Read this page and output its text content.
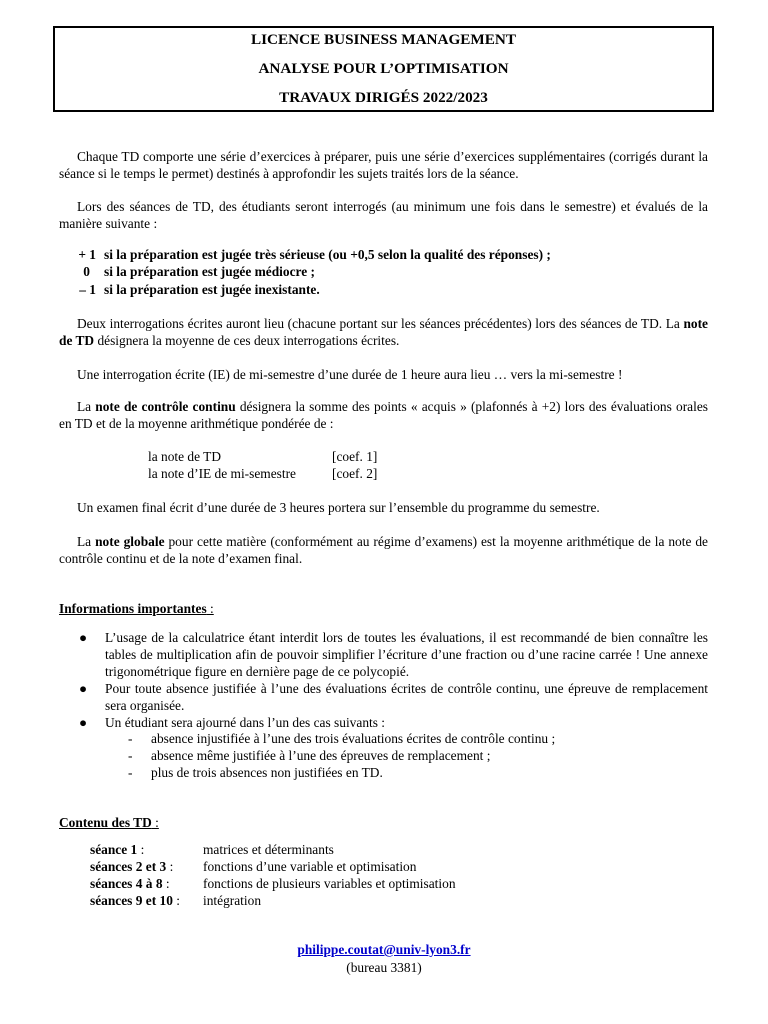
LICENCE BUSINESS MANAGEMENT
ANALYSE POUR L’OPTIMISATION
TRAVAUX DIRIGÉS 2022/2023

Chaque TD comporte une série d’exercices à préparer, puis une série d’exercices supplémentaires (corrigés durant la séance si le temps le permet) destinés à approfondir les sujets traités lors de la séance.

Lors des séances de TD, des étudiants seront interrogés (au minimum une fois dans le semestre) et évalués de la manière suivante :

+ 1 si la préparation est jugée très sérieuse (ou +0,5 selon la qualité des réponses) ;
0 si la préparation est jugée médiocre ;
– 1 si la préparation est jugée inexistante.

Deux interrogations écrites auront lieu (chacune portant sur les séances précédentes) lors des séances de TD. La note de TD désignera la moyenne de ces deux interrogations écrites.

Une interrogation écrite (IE) de mi-semestre d’une durée de 1 heure aura lieu … vers la mi-semestre !

La note de contrôle continu désignera la somme des points « acquis » (plafonnés à +2) lors des évaluations orales en TD et de la moyenne arithmétique pondérée de :

la note de TD	[coef. 1]
la note d’IE de mi-semestre	[coef. 2]

Un examen final écrit d’une durée de 3 heures portera sur l’ensemble du programme du semestre.

La note globale pour cette matière (conformément au régime d’examens) est la moyenne arithmétique de la note de contrôle continu et de la note d’examen final.

Informations importantes :
● L’usage de la calculatrice étant interdit lors de toutes les évaluations, il est recommandé de bien connaître les tables de multiplication afin de pouvoir simplifier l’écriture d’une fraction ou d’une racine carrée ! Une annexe trigonométrique figure en dernière page de ce polycopié.
● Pour toute absence justifiée à l’une des évaluations écrites de contrôle continu, une épreuve de remplacement sera organisée.
● Un étudiant sera ajourné dans l’un des cas suivants :
- absence injustifiée à l’une des trois évaluations écrites de contrôle continu ;
- absence même justifiée à l’une des épreuves de remplacement ;
- plus de trois absences non justifiées en TD.
Contenu des TD :
séance 1 :	matrices et déterminants
séances 2 et 3 : fonctions d’une variable et optimisation
séances 4 à 8 : fonctions de plusieurs variables et optimisation
séances 9 et 10 : intégration
philippe.coutat@univ-lyon3.fr
(bureau 3381)
